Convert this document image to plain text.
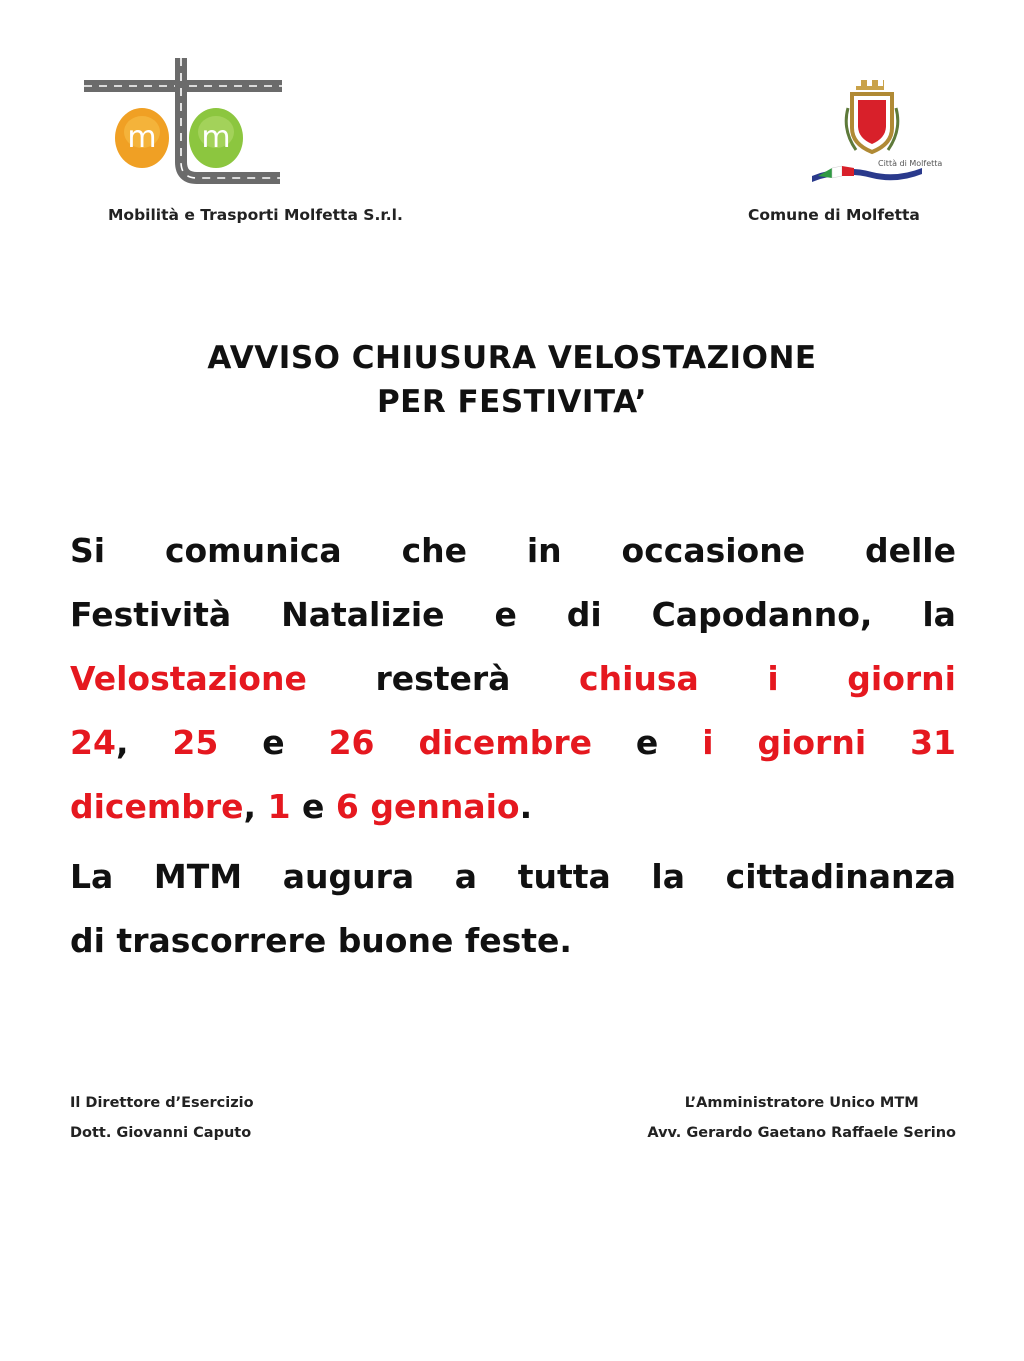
m m
Mobilità e Trasporti Molfetta S.r.l.
Città di Molfetta
Comune di Molfetta
AVVISO CHIUSURA VELOSTAZIONE
PER FESTIVITA’
Si comunica che in occasione delle
Festività Natalizie e di Capodanno, la
Velostazione resterà chiusa i giorni
24, 25 e 26 dicembre e i giorni 31
dicembre, 1 e 6 gennaio.
La MTM augura a tutta la cittadinanza
di trascorrere buone feste.
Il Direttore d’Esercizio
Dott. Giovanni Caputo
L’Amministratore Unico MTM
Avv. Gerardo Gaetano Raffaele Serino
